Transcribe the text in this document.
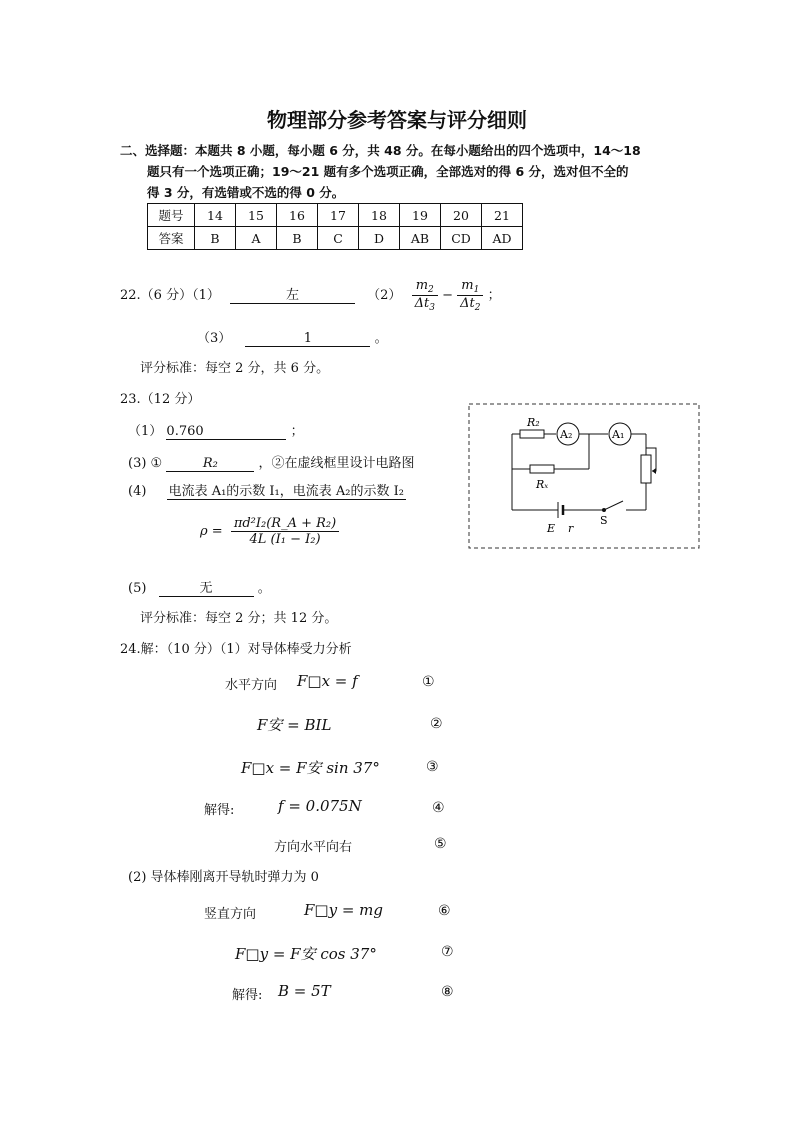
物理部分参考答案与评分细则
二、选择题：本题共 8 小题，每小题 6 分，共 48 分。在每小题给出的四个选项中，14～18
题只有一个选项正确；19～21 题有多个选项正确，全部选对的得 6 分，选对但不全的
得 3 分，有选错或不选的得 0 分。
题号	14	15	16	17	18	19	20	21
答案	B	A	B	C	D	AB	CD	AD
22.（6 分）（1）	左	$(2) \frac{m_2}{\Delta t_3} - \frac{m_1}{\Delta t_2}$ ；
（3）	1	。
评分标准：每空 2 分，共 6 分。
23.（12 分）
（1） 0.760	；
(3) ①	R₂	，②在虚线框里设计电路图
(4) 电流表 A₁的示数 I₁，电流表 A₂的示数 I₂
$\rho = \frac{\text{πd²I₂(R\_A + R₂)}}{\text{4L (I₁ − I₂)}}$
(5)	无	。
评分标准：每空 2 分；共 12 分。
R₂
A₂	A₁
Rₓ
E r
S
24.解：（10 分）（1）对导体棒受力分析
水平方向 F□x = f	①
F安 = BIL	②
F□x = F安 sin 37°	③
解得:	f = 0.075N	④
方向水平向右	⑤
(2) 导体棒刚离开导轨时弹力为 0
竖直方向	F□y = mg	⑥
F□y = F安 cos 37°	⑦
解得: B = 5T	⑧
